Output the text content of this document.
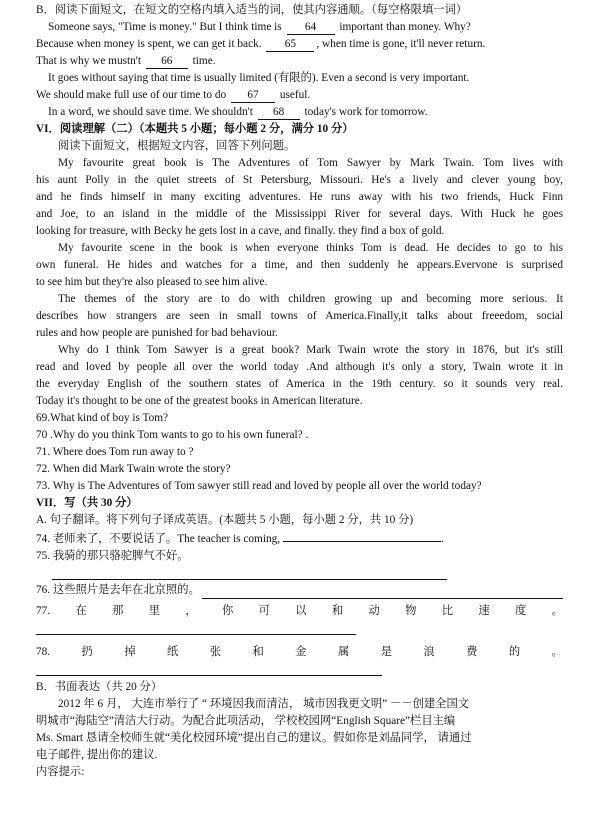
B．阅读下面短文，在短文的空格内填入适当的词，使其内容通顺。（每空格限填一词）
Someone says, "Time is money." But I think time is 64 important than money. Why?
Because when money is spent, we can get it back. 65 , when time is gone, it'll never return.
That is why we mustn't 66 time.
It goes without saying that time is usually limited (有限的). Even a second is very important.
We should make full use of our time to do 67 useful.
In a word, we should save time. We shouldn't 68 today's work for tomorrow.
VI．阅读理解（二）（本题共 5 小题；每小题 2 分，满分 10 分）
阅读下面短文，根据短文内容，回答下列问题。
My favourite great book is The Adventures of Tom Sawyer by Mark Twain. Tom lives with
his aunt Polly in the quiet streets of St Petersburg, Missouri. He's a lively and clever young boy,
and he finds himself in many exciting adventures. He runs away with his two friends, Huck Finn
and Joe, to an island in the middle of the Mississippi River for several days. With Huck he goes
looking for treasure, with Becky he gets lost in a cave, and finally. they find a box of gold.
My favourite scene in the book is when everyone thinks Tom is dead. He decides to go to his
own funeral. He hides and watches for a time, and then suddenly he appears.Evervone is surprised
to see him but they're also pleased to see him alive.
The themes of the story are to do with children growing up and becoming more serious. It
describes how strangers are seen in small towns of America.Finally,it talks about freeedom, social
rules and how people are punished for bad behaviour.
Why do I think Tom Sawyer is a great book? Mark Twain wrote the story in 1876, but it's still
read and loved by people all over the world today .And although it's only a story, Twain wrote it in
the everyday English of the southern states of America in the 19th century. so it sounds very real.
Today it's thought to be one of the greatest books in American literature.
69.What kind of boy is Tom?
70 .Why do you think Tom wants to go to his own funeral? .
71. Where does Tom run away to ?
72. When did Mark Twain wrote the story?
73. Why is The Adventures of Tom sawyer still read and loved by people all over the world today?
VII．写（共 30 分）
A. 句子翻译。将下列句子译成英语。(本题共 5 小题，每小题 2 分，共 10 分)
74. 老师来了，不要说话了。The teacher is coming,	.
75. 我骑的那只骆驼脾气不好。
76. 这些照片是去年在北京照的。
77. 在 那 里 ， 你 可 以 和 动 物 比 速 度 。
78.	扔	掉	纸	张	和	金	属	是	浪	费	的	。
B．书面表达（共 20 分）
2012 年 6 月， 大连市举行了 “ 环境因我而清洁， 城市因我更文明” －－创建全国文
明城市“海陆空”清洁大行动。为配合此项活动， 学校校园网“English Square”栏目主编
Ms. Smart 恳请全校师生就“美化校园环境”提出自己的建议。假如你是刘晶同学， 请通过
电子邮件, 提出你的建议.
内容提示:
